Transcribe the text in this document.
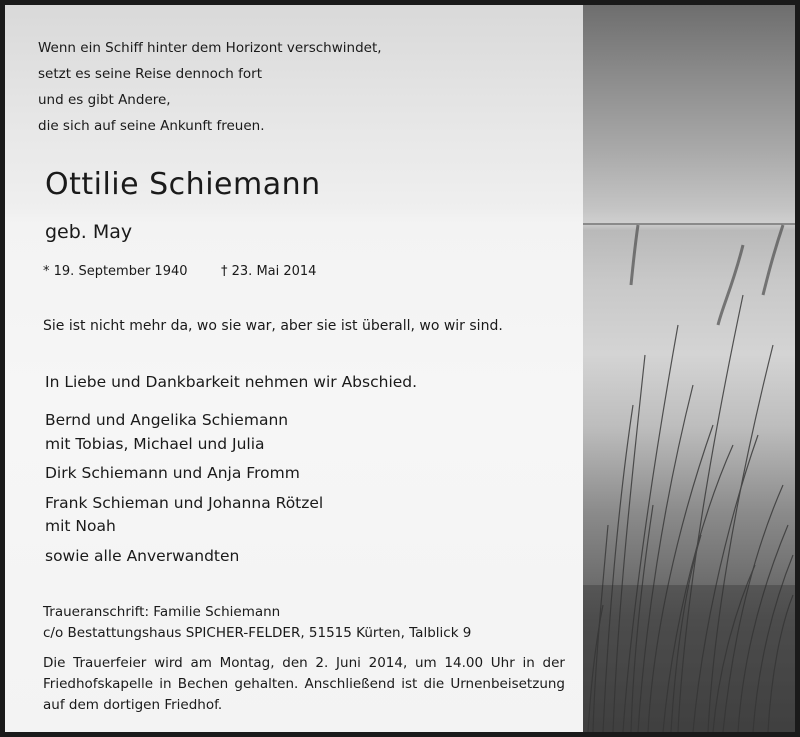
Wenn ein Schiff hinter dem Horizont verschwindet,
setzt es seine Reise dennoch fort
und es gibt Andere,
die sich auf seine Ankunft freuen.
Ottilie Schiemann
geb. May
* 19. September 1940	† 23. Mai 2014
Sie ist nicht mehr da, wo sie war, aber sie ist überall, wo wir sind.
In Liebe und Dankbarkeit nehmen wir Abschied.
Bernd und Angelika Schiemann
mit Tobias, Michael und Julia
Dirk Schiemann und Anja Fromm
Frank Schieman und Johanna Rötzel
mit Noah
sowie alle Anverwandten
Traueranschrift: Familie Schiemann
c/o Bestattungshaus SPICHER-FELDER, 51515 Kürten, Talblick 9
Die Trauerfeier wird am Montag, den 2. Juni 2014, um 14.00 Uhr in der Friedhofskapelle in Bechen gehalten. Anschließend ist die Urnenbeisetzung auf dem dortigen Friedhof.
